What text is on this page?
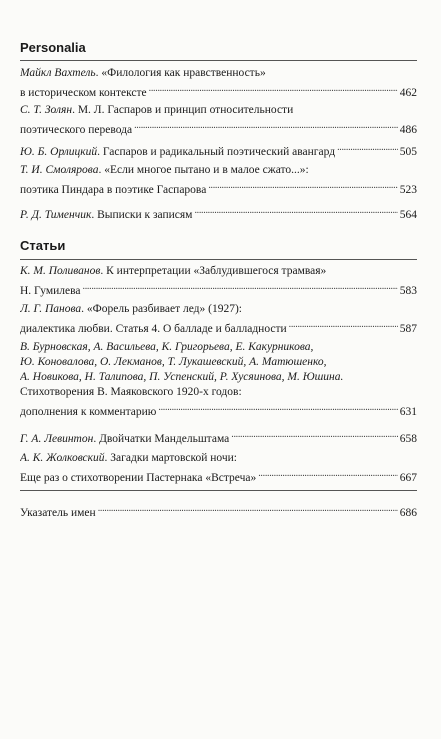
Personalia
Майкл Вахтель. «Филология как нравственность»
в историческом контексте . . .	462
С. Т. Золян. М. Л. Гаспаров и принцип относительности
поэтического перевода . . .	486
Ю. Б. Орлицкий. Гаспаров и радикальный поэтический авангард . . .	505
Т. И. Смолярова. «Если многое пытано и в малое сжато...»:
поэтика Пиндара в поэтике Гаспарова . . .	523
Р. Д. Тименчик. Выписки к записям . . .	564
Статьи
К. М. Поливанов. К интерпретации «Заблудившегося трамвая»
Н. Гумилева . . .	583
Л. Г. Панова. «Форель разбивает лед» (1927):
диалектика любви. Статья 4. О балладе и балладности . . .	587
В. Бурновская, А. Васильева, К. Григорьева, Е. Какурникова,
Ю. Коновалова, О. Лекманов, Т. Лукашевский, А. Матюшенко,
А. Новикова, Н. Талипова, П. Успенский, Р. Хусяинова, М. Юшина.
Стихотворения В. Маяковского 1920-х годов:
дополнения к комментарию . . .	631
Г. А. Левинтон. Двойчатки Мандельштама . . .	658
А. К. Жолковский. Загадки мартовской ночи:
Еще раз о стихотворении Пастернака «Встреча» . . .	667
Указатель имен . . .	686
